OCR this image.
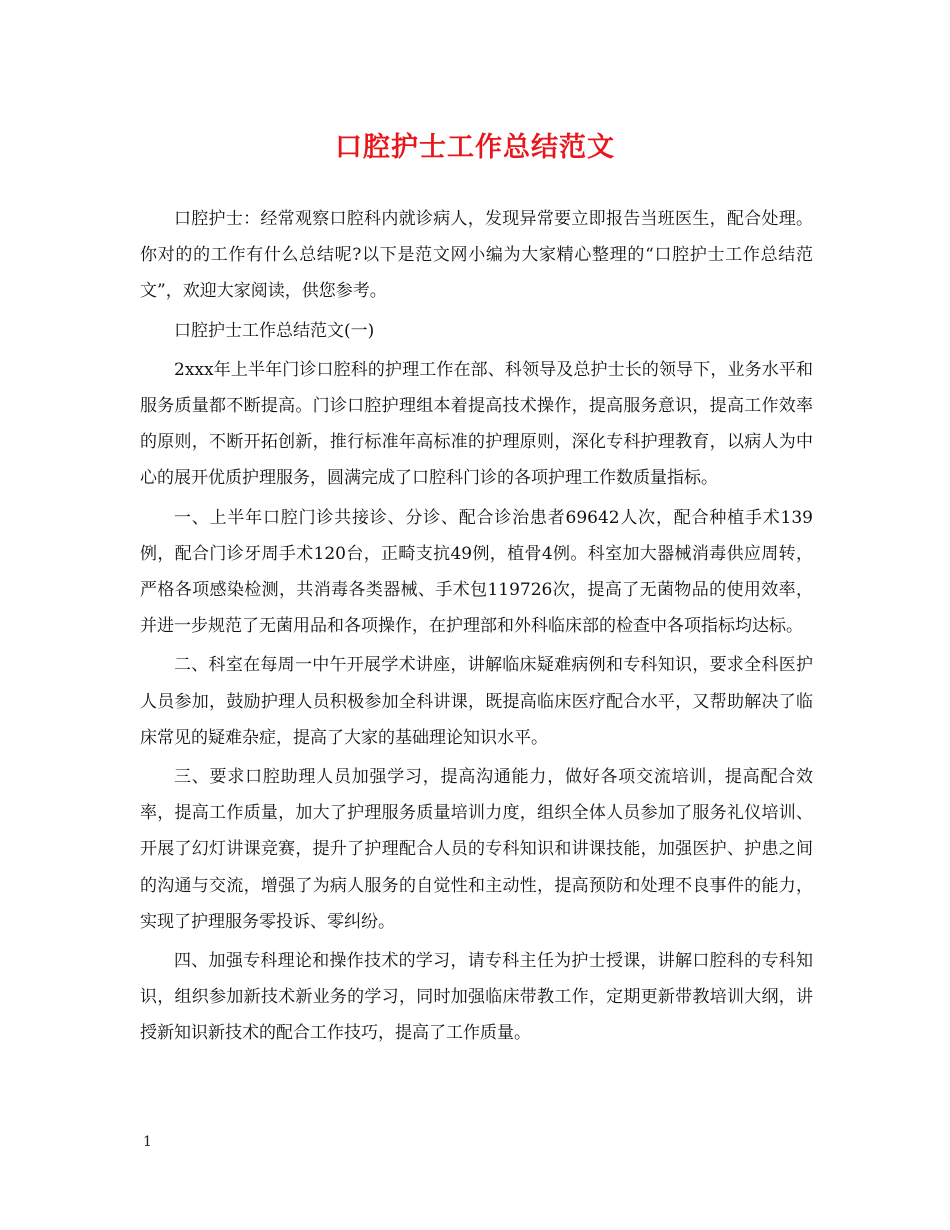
口腔护士工作总结范文

口腔护士：经常观察口腔科内就诊病人，发现异常要立即报告当班医生，配合处理。你对的的工作有什么总结呢?以下是范文网小编为大家精心整理的“口腔护士工作总结范文”，欢迎大家阅读，供您参考。

口腔护士工作总结范文(一)

2xxx年上半年门诊口腔科的护理工作在部、科领导及总护士长的领导下，业务水平和服务质量都不断提高。门诊口腔护理组本着提高技术操作，提高服务意识，提高工作效率的原则，不断开拓创新，推行标准年高标准的护理原则，深化专科护理教育，以病人为中心的展开优质护理服务，圆满完成了口腔科门诊的各项护理工作数质量指标。

一、上半年口腔门诊共接诊、分诊、配合诊治患者69642人次，配合种植手术139例，配合门诊牙周手术120台，正畸支抗49例，植骨4例。科室加大器械消毒供应周转，严格各项感染检测，共消毒各类器械、手术包119726次，提高了无菌物品的使用效率，并进一步规范了无菌用品和各项操作，在护理部和外科临床部的检查中各项指标均达标。

二、科室在每周一中午开展学术讲座，讲解临床疑难病例和专科知识，要求全科医护人员参加，鼓励护理人员积极参加全科讲课，既提高临床医疗配合水平，又帮助解决了临床常见的疑难杂症，提高了大家的基础理论知识水平。

三、要求口腔助理人员加强学习，提高沟通能力，做好各项交流培训，提高配合效率，提高工作质量，加大了护理服务质量培训力度，组织全体人员参加了服务礼仪培训、开展了幻灯讲课竞赛，提升了护理配合人员的专科知识和讲课技能，加强医护、护患之间的沟通与交流，增强了为病人服务的自觉性和主动性，提高预防和处理不良事件的能力，实现了护理服务零投诉、零纠纷。

四、加强专科理论和操作技术的学习，请专科主任为护士授课，讲解口腔科的专科知识，组织参加新技术新业务的学习，同时加强临床带教工作，定期更新带教培训大纲，讲授新知识新技术的配合工作技巧，提高了工作质量。

1
